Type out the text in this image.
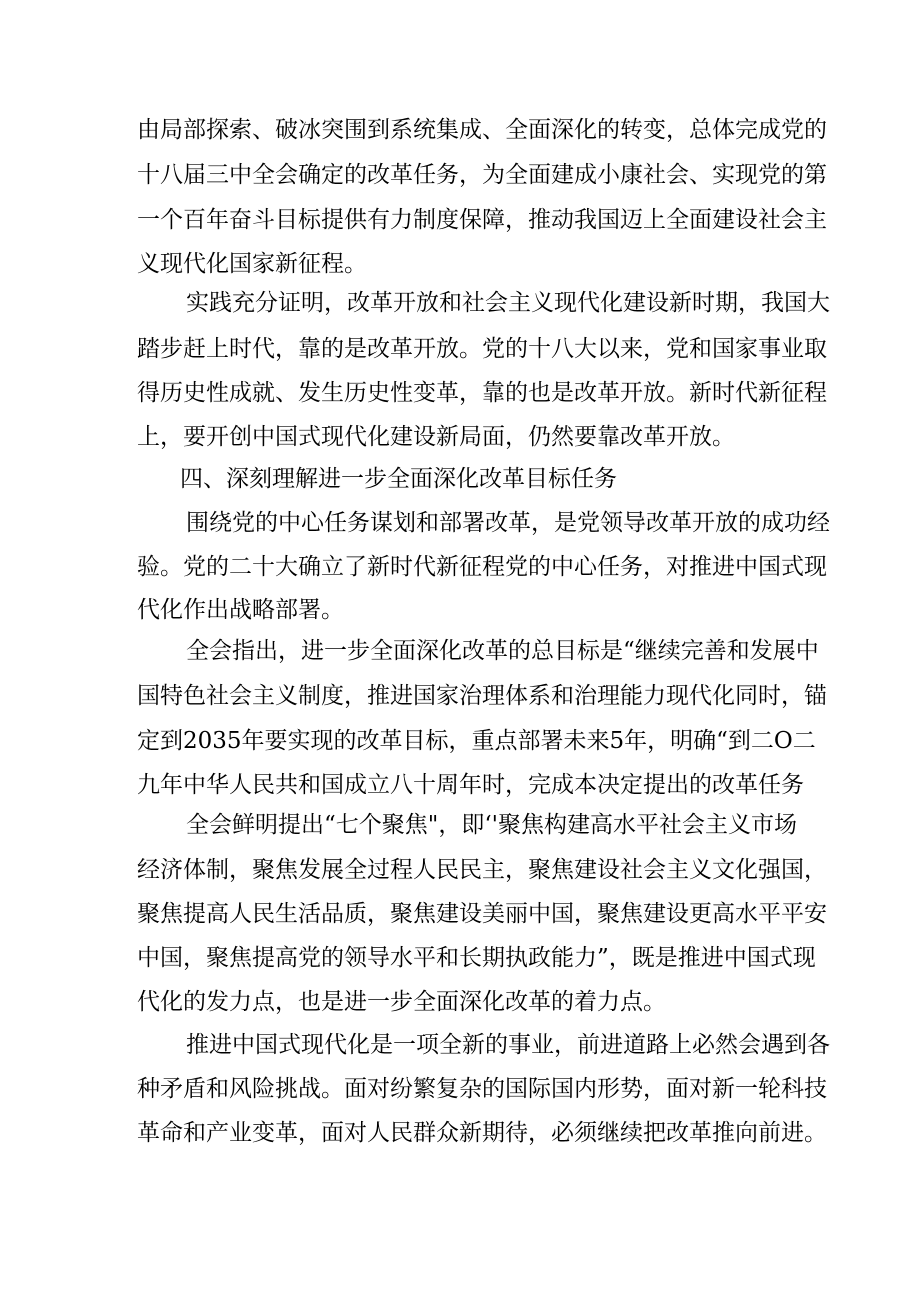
由局部探索、破冰突围到系统集成、全面深化的转变，总体完成党的
十八届三中全会确定的改革任务，为全面建成小康社会、实现党的第
一个百年奋斗目标提供有力制度保障，推动我国迈上全面建设社会主
义现代化国家新征程。
实践充分证明，改革开放和社会主义现代化建设新时期，我国大
踏步赶上时代，靠的是改革开放。党的十八大以来，党和国家事业取
得历史性成就、发生历史性变革，靠的也是改革开放。新时代新征程
上，要开创中国式现代化建设新局面，仍然要靠改革开放。
四、深刻理解进一步全面深化改革目标任务
围绕党的中心任务谋划和部署改革，是党领导改革开放的成功经
验。党的二十大确立了新时代新征程党的中心任务，对推进中国式现
代化作出战略部署。
全会指出，进一步全面深化改革的总目标是“继续完善和发展中
国特色社会主义制度，推进国家治理体系和治理能力现代化同时，锚
定到2035年要实现的改革目标，重点部署未来5年，明确“到二O二
九年中华人民共和国成立八十周年时，完成本决定提出的改革任务
全会鲜明提出“七个聚焦"，即‘'聚焦构建高水平社会主义市场
经济体制，聚焦发展全过程人民民主，聚焦建设社会主义文化强国，
聚焦提高人民生活品质，聚焦建设美丽中国，聚焦建设更高水平平安
中国，聚焦提高党的领导水平和长期执政能力”，既是推进中国式现
代化的发力点，也是进一步全面深化改革的着力点。
推进中国式现代化是一项全新的事业，前进道路上必然会遇到各
种矛盾和风险挑战。面对纷繁复杂的国际国内形势，面对新一轮科技
革命和产业变革，面对人民群众新期待，必须继续把改革推向前进。
